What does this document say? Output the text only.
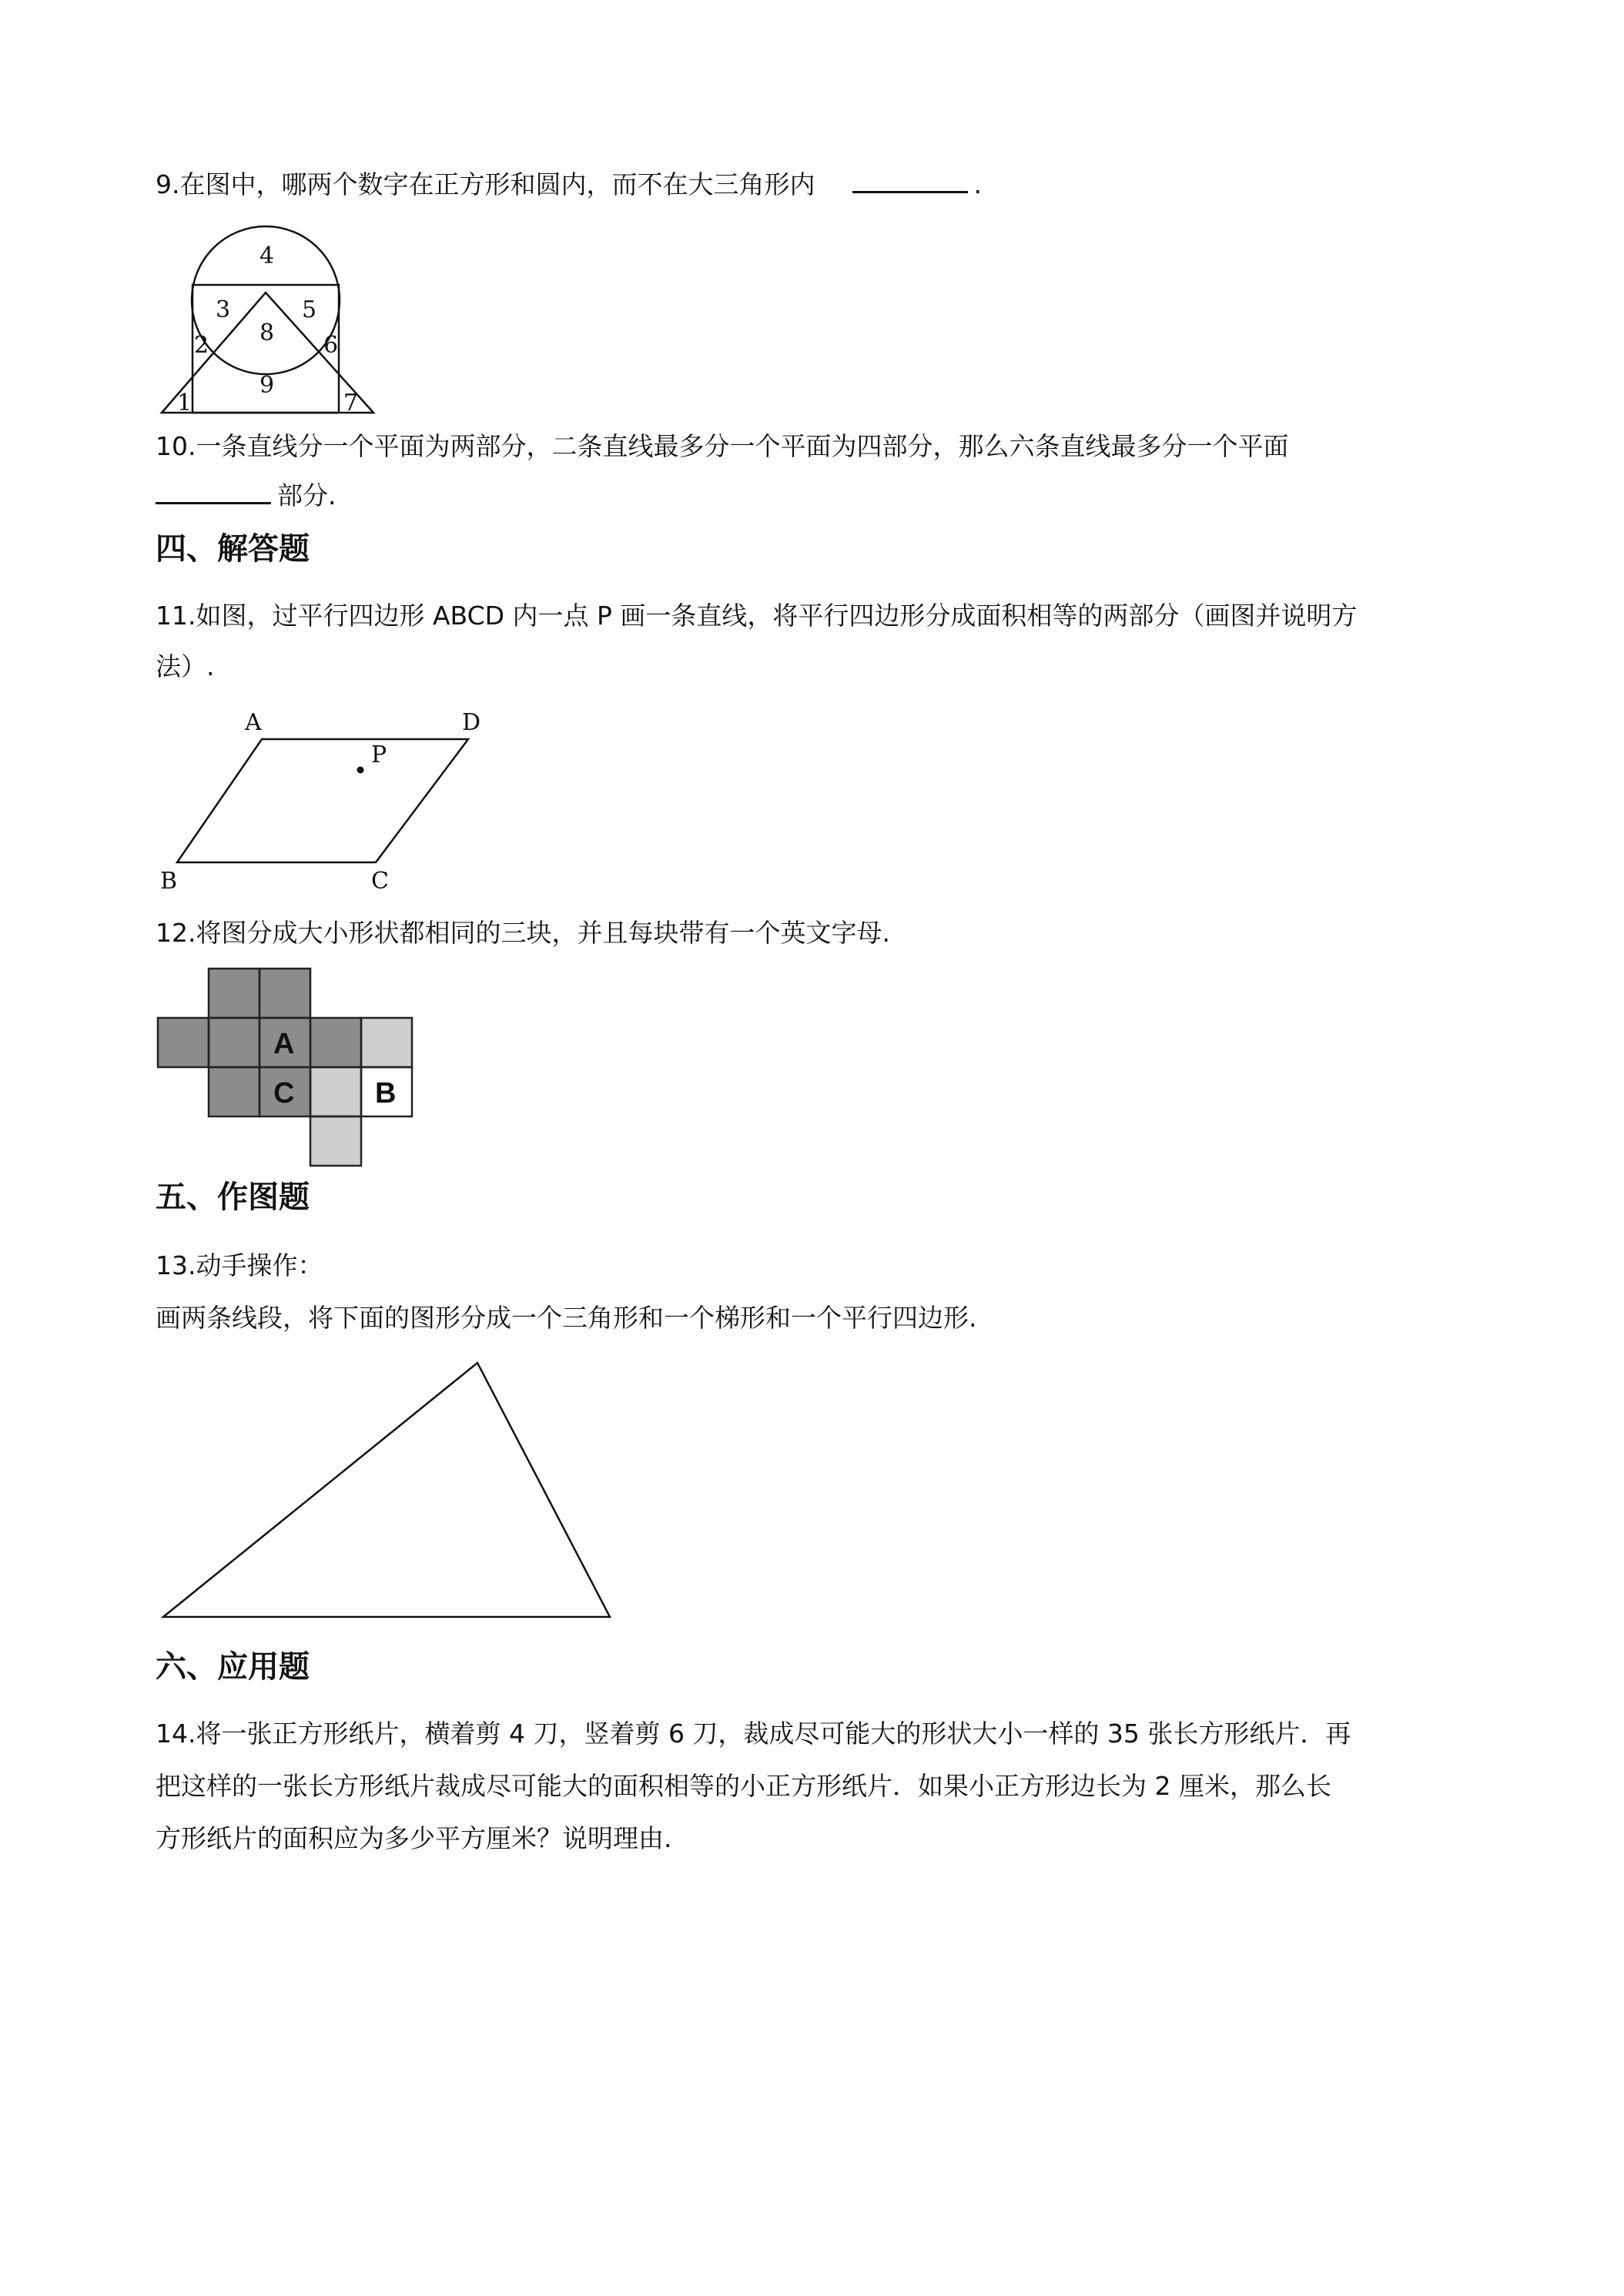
9.在图中，哪两个数字在正方形和圆内，而不在大三角形内	.
4
3	5
8
2	6
9
1	7
10.一条直线分一个平面为两部分，二条直线最多分一个平面为四部分，那么六条直线最多分一个平面
部分.
四、解答题
11.如图，过平行四边形 ABCD 内一点 P 画一条直线，将平行四边形分成面积相等的两部分（画图并说明方
法）.
A	D
P
B	C
12.将图分成大小形状都相同的三块，并且每块带有一个英文字母.
A
C	B
五、作图题
13.动手操作：
画两条线段，将下面的图形分成一个三角形和一个梯形和一个平行四边形.
六、应用题
14.将一张正方形纸片，横着剪 4 刀，竖着剪 6 刀，裁成尽可能大的形状大小一样的 35 张长方形纸片．再
把这样的一张长方形纸片裁成尽可能大的面积相等的小正方形纸片．如果小正方形边长为 2 厘米，那么长
方形纸片的面积应为多少平方厘米？说明理由.
